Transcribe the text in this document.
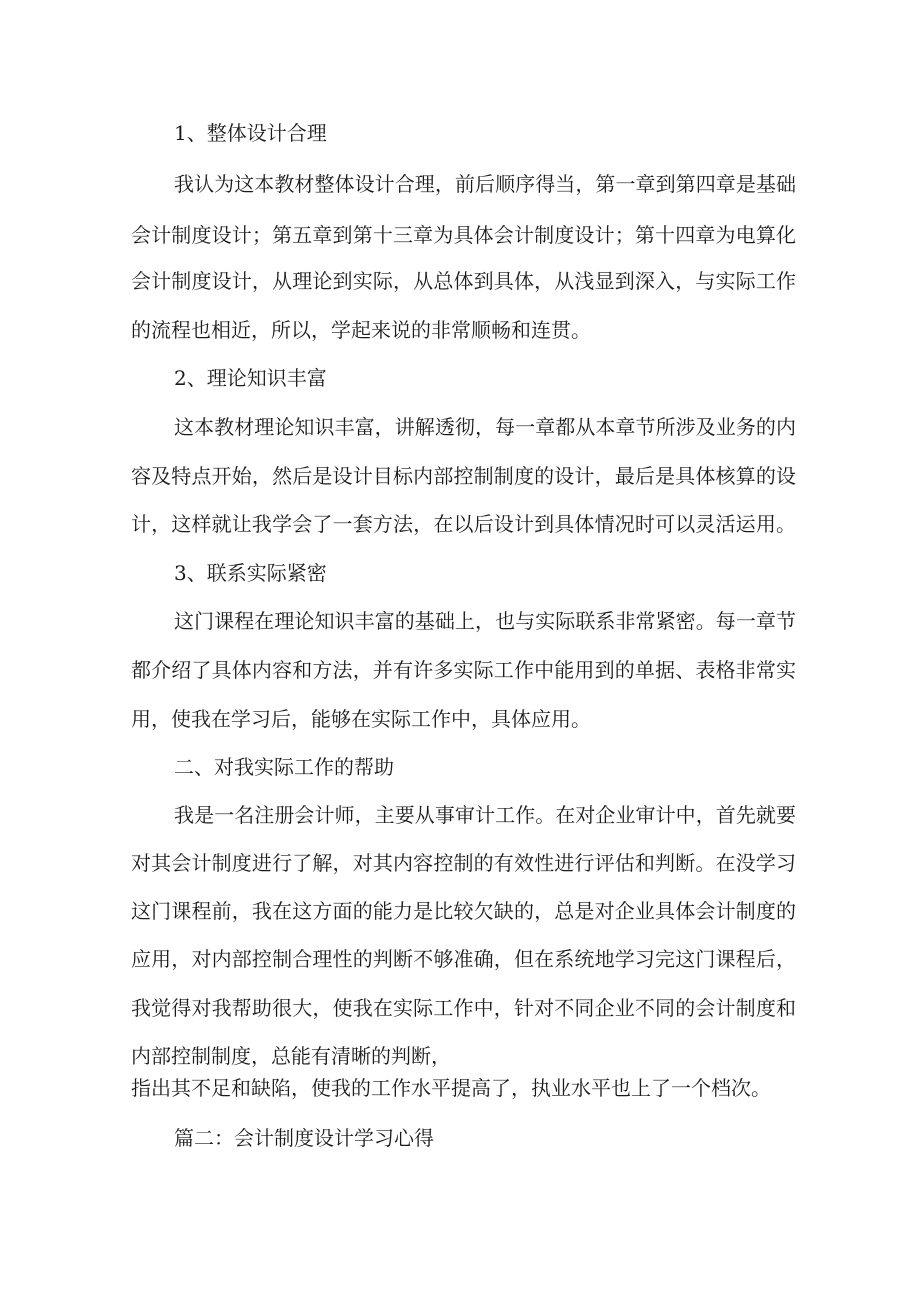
1、整体设计合理
我认为这本教材整体设计合理，前后顺序得当，第一章到第四章是基础
会计制度设计；第五章到第十三章为具体会计制度设计；第十四章为电算化
会计制度设计，从理论到实际，从总体到具体，从浅显到深入，与实际工作
的流程也相近，所以，学起来说的非常顺畅和连贯。
2、理论知识丰富
这本教材理论知识丰富，讲解透彻，每一章都从本章节所涉及业务的内
容及特点开始，然后是设计目标内部控制制度的设计，最后是具体核算的设
计，这样就让我学会了一套方法，在以后设计到具体情况时可以灵活运用。
3、联系实际紧密
这门课程在理论知识丰富的基础上，也与实际联系非常紧密。每一章节
都介绍了具体内容和方法，并有许多实际工作中能用到的单据、表格非常实
用，使我在学习后，能够在实际工作中，具体应用。
二、对我实际工作的帮助
我是一名注册会计师，主要从事审计工作。在对企业审计中，首先就要
对其会计制度进行了解，对其内容控制的有效性进行评估和判断。在没学习
这门课程前，我在这方面的能力是比较欠缺的，总是对企业具体会计制度的
应用，对内部控制合理性的判断不够准确，但在系统地学习完这门课程后，
我觉得对我帮助很大，使我在实际工作中，针对不同企业不同的会计制度和
内部控制制度，总能有清晰的判断，
指出其不足和缺陷，使我的工作水平提高了，执业水平也上了一个档次。
篇二：会计制度设计学习心得
